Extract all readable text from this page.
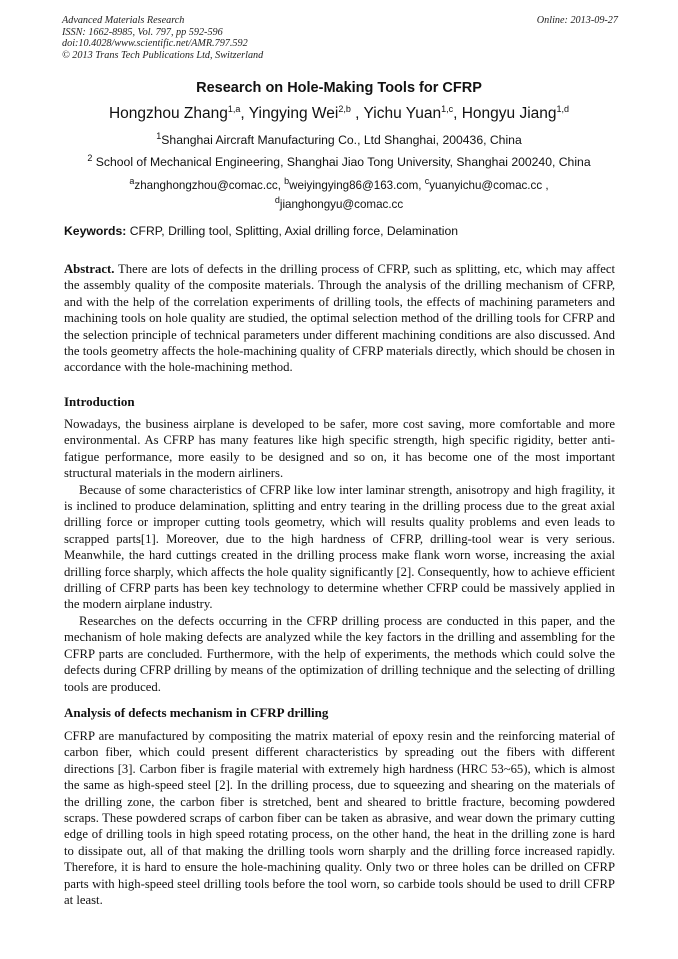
Advanced Materials Research
ISSN: 1662-8985, Vol. 797, pp 592-596
doi:10.4028/www.scientific.net/AMR.797.592
© 2013 Trans Tech Publications Ltd, Switzerland
Online: 2013-09-27
Research on Hole-Making Tools for CFRP
Hongzhou Zhang$^{1,a}$, Yingying Wei$^{2,b}$ , Yichu Yuan$^{1,c}$, Hongyu Jiang$^{1,d}$
$^1$Shanghai Aircraft Manufacturing Co., Ltd Shanghai, 200436, China
$^2$ School of Mechanical Engineering, Shanghai Jiao Tong University, Shanghai 200240, China
$^a$zhanghongzhou@comac.cc, $^b$weiyingying86@163.com, $^c$yuanyichu@comac.cc ,
$^d$jianghongyu@comac.cc
Keywords: CFRP, Drilling tool, Splitting, Axial drilling force, Delamination

Abstract. There are lots of defects in the drilling process of CFRP, such as splitting, etc, which may affect the assembly quality of the composite materials. Through the analysis of the drilling mechanism of CFRP, and with the help of the correlation experiments of drilling tools, the effects of machining parameters and machining tools on hole quality are studied, the optimal selection method of the drilling tools for CFRP and the selection principle of technical parameters under different machining conditions are also discussed. And the tools geometry affects the hole-machining quality of CFRP materials directly, which should be chosen in accordance with the hole-machining method.

Introduction

Nowadays, the business airplane is developed to be safer, more cost saving, more comfortable and more environmental. As CFRP has many features like high specific strength, high specific rigidity, better anti-fatigue performance, more easily to be designed and so on, it has become one of the most important structural materials in the modern airliners.

Because of some characteristics of CFRP like low inter laminar strength, anisotropy and high fragility, it is inclined to produce delamination, splitting and entry tearing in the drilling process due to the great axial drilling force or improper cutting tools geometry, which will results quality problems and even leads to scrapped parts[1]. Moreover, due to the high hardness of CFRP, drilling-tool wear is very serious. Meanwhile, the hard cuttings created in the drilling process make flank worn worse, increasing the axial drilling force sharply, which affects the hole quality significantly [2]. Consequently, how to achieve efficient drilling of CFRP parts has been key technology to determine whether CFRP could be massively applied in the modern airplane industry.

Researches on the defects occurring in the CFRP drilling process are conducted in this paper, and the mechanism of hole making defects are analyzed while the key factors in the drilling and assembling for the CFRP parts are concluded. Furthermore, with the help of experiments, the methods which could solve the defects during CFRP drilling by means of the optimization of drilling technique and the selecting of drilling tools are produced.

Analysis of defects mechanism in CFRP drilling

CFRP are manufactured by compositing the matrix material of epoxy resin and the reinforcing material of carbon fiber, which could present different characteristics by spreading out the fibers with different directions [3]. Carbon fiber is fragile material with extremely high hardness (HRC 53~65), which is almost the same as high-speed steel [2]. In the drilling process, due to squeezing and shearing on the materials of the drilling zone, the carbon fiber is stretched, bent and sheared to brittle fracture, becoming powdered scraps. These powdered scraps of carbon fiber can be taken as abrasive, and wear down the primary cutting edge of drilling tools in high speed rotating process, on the other hand, the heat in the drilling zone is hard to dissipate out, all of that making the drilling tools worn sharply and the drilling force increased rapidly. Therefore, it is hard to ensure the hole-machining quality. Only two or three holes can be drilled on CFRP parts with high-speed steel drilling tools before the tool worn, so carbide tools should be used to drill CFRP at least.
